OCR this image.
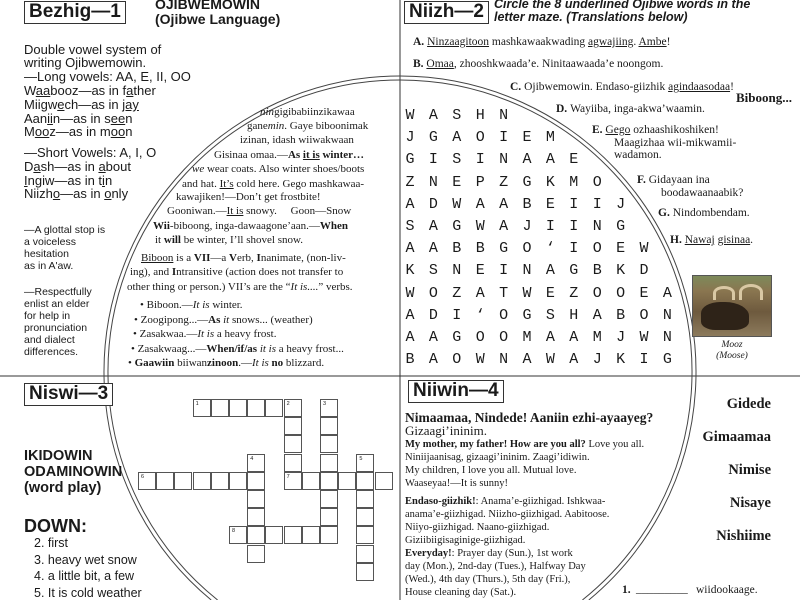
Bezhig—1	OJIBWEMOWIN
(Ojibwe Language)
Double vowel system of
writing Ojibwemowin.
—Long vowels: AA, E, II, OO
Waabooz—as in father
Miigwech—as in jay
Aaniin—as in seen
Mooz—as in moon
—Short Vowels: A, I, O
Dash—as in about
Ingiw—as in tin
Niizho—as in only
—A glottal stop is
a voiceless
hesitation
as in A'aw.
—Respectfully
enlist an elder
for help in
pronunciation
and dialect
differences.
Biboong...
ningigibabiinzikawaa
ganemin. Gaye biboonimak
izinan, idash wiiwakwaan
Gisinaa omaa.—As it is winter…
we wear coats. Also winter shoes/boots
and hat. It’s cold here. Gego mashkawaa-
kawajiken!—Don’t get frostbite!
Gooniwan.—It is snowy.  Goon—Snow
Wii-biboong, inga-dawaagone’aan.—When
it will be winter, I’ll shovel snow.
Biboon is a VII—a Verb, Inanimate, (non-liv-
ing), and Intransitive (action does not transfer to
other thing or person.) VII’s are the “It is....” verbs.
• Biboon.—It is winter.
• Zoogipong...—As it snows... (weather)
• Zasakwaa.—It is a heavy frost.
• Zasakwaag...—When/if/as it is a heavy frost...
• Gaawiin biiwanzinoon.—It is no blizzard.
Niizh—2 Circle the 8 underlined Ojibwe words in the
letter maze. (Translations below)
A. Ninzaagitoon mashkawaakwading agwajiing. Ambe!
B. Omaa, zhooshkwaada’e. Ninitaawaada’e noongom.
C. Ojibwemowin. Endaso-giizhik agindaasodaa!
D. Wayiiba, inga-akwa’waamin.
E. Gego ozhaashikoshiken!
Maagizhaa wii-mikwamii-
wadamon.
F. Gidayaan ina
boodawaanaabik?
G. Nindombendam.
H. Nawaj gisinaa.
WASHN
JGAOIEM
GISINAAE
ZNEPZGKMO
ADWAABEIIJ
SAGWAJIING
AABBGO‘IOEW
KSNEINAGBKD
WOZATWEZOOEA
ADI‘OGSHABON
AAGOOMAAMJWN
BAOWNAWAJKIG
Mooz
(Moose)
Niswi—3
IKIDOWIN
ODAMINOWIN
(word play)
DOWN:
2. first
3. heavy wet snow
4. a little bit, a few
5. It is cold weather
1	2
7
3
4	5
6
8
Niiwin—4
Nimaamaa, Nindede! Aaniin ezhi-ayaayeg?
Gizaagi’ininim.
My mother, my father! How are you all? Love you all.
Niniijaanisag, gizaagi’ininim. Zaagi’idiwin.
My children, I love you all. Mutual love.
Waaseyaa!—It is sunny!
Endaso-giizhik!: Anama’e-giizhigad. Ishkwaa-
anama’e-giizhigad. Niizho-giizhigad. Aabitoose.
Niiyo-giizhigad. Naano-giizhigad.
Giziibiigisaginige-giizhigad.
Everyday!: Prayer day (Sun.), 1st work
day (Mon.), 2nd-day (Tues.), Halfway Day
(Wed.), 4th day (Thurs.), 5th day (Fri.),
House cleaning day (Sat.).
Gidede
Gimaamaa
Nimise
Nisaye
Nishiime
1. _________ wiidookaage.
